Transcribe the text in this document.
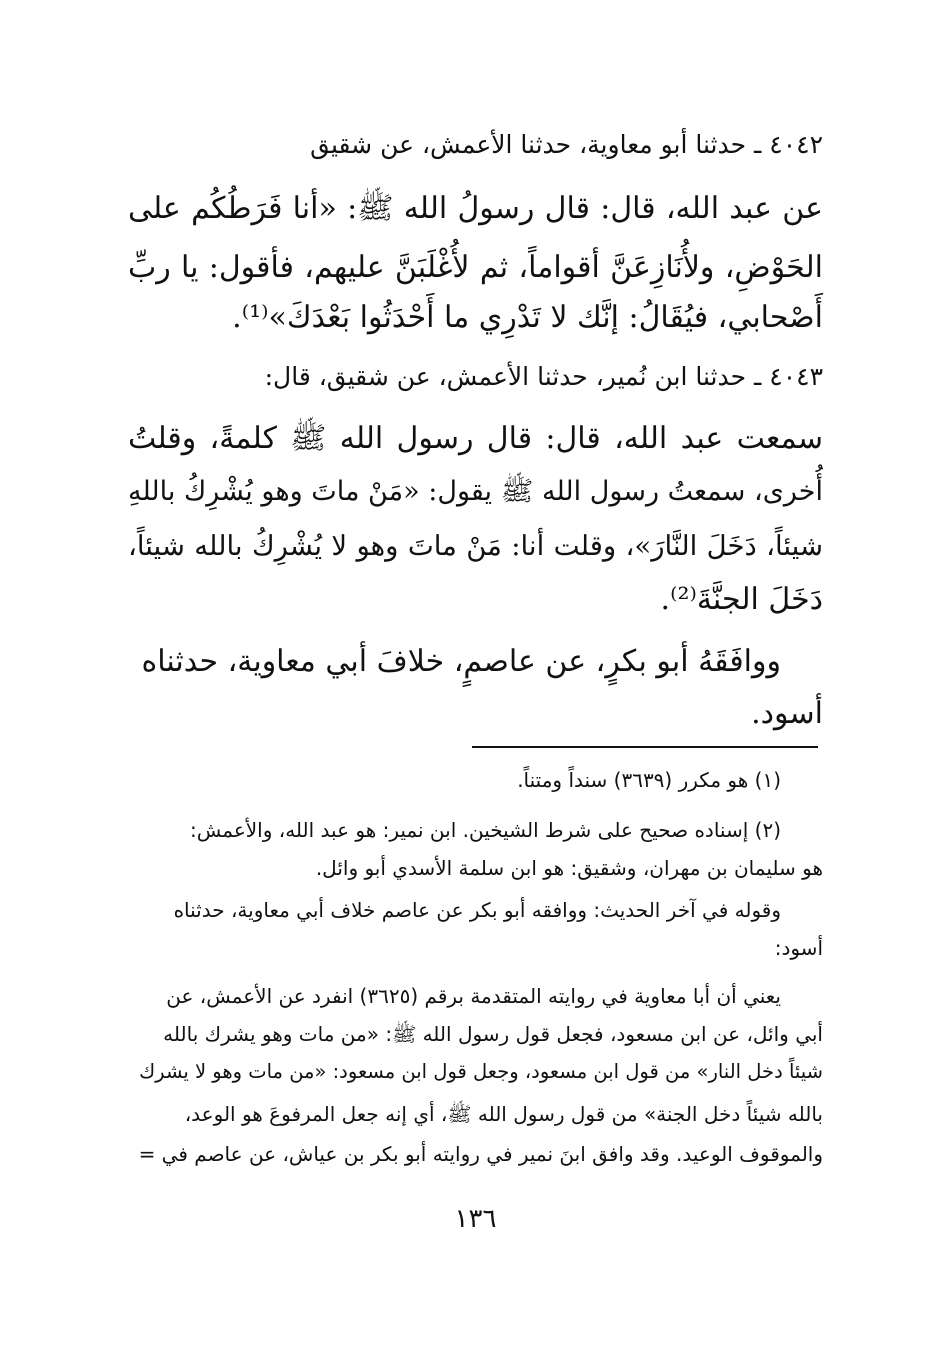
٤٠٤٢ ـ حدثنا أبو معاوية، حدثنا الأعمش، عن شقيق
عن عبد الله، قال: قال رسولُ الله ﷺ: «أنا فَرَطُكُم على
الحَوْضِ، ولأُنَازِعَنَّ أقواماً، ثم لأُغْلَبَنَّ عليهم، فأقول: يا ربِّ
أَصْحابي، فيُقَالُ: إنَّك لا تَدْرِي ما أَحْدَثُوا بَعْدَكَ»⁽¹⁾.
٤٠٤٣ ـ حدثنا ابن نُمير، حدثنا الأعمش، عن شقيق، قال:
سمعت عبد الله، قال: قال رسول الله ﷺ كلمةً، وقلتُ
أُخرى، سمعتُ رسول الله ﷺ يقول: «مَنْ ماتَ وهو يُشْرِكُ باللهِ
شيئاً، دَخَلَ النَّارَ»، وقلت أنا: مَنْ ماتَ وهو لا يُشْرِكُ بالله شيئاً،
دَخَلَ الجنَّةَ⁽²⁾.
ووافَقَهُ أبو بكرٍ، عن عاصمٍ، خلافَ أبي معاوية، حدثناه
أسود.
(١) هو مكرر (٣٦٣٩) سنداً ومتناً.
(٢) إسناده صحيح على شرط الشيخين. ابن نمير: هو عبد الله، والأعمش:
هو سليمان بن مهران، وشقيق: هو ابن سلمة الأسدي أبو وائل.
وقوله في آخر الحديث: ووافقه أبو بكر عن عاصم خلاف أبي معاوية، حدثناه
أسود:
يعني أن أبا معاوية في روايته المتقدمة برقم (٣٦٢٥) انفرد عن الأعمش، عن
أبي وائل، عن ابن مسعود، فجعل قول رسول الله ﷺ: «من مات وهو يشرك بالله
شيئاً دخل النار» من قول ابن مسعود، وجعل قول ابن مسعود: «من مات وهو لا يشرك
بالله شيئاً دخل الجنة» من قول رسول الله ﷺ، أي إنه جعل المرفوعَ هو الوعد،
والموقوف الوعيد. وقد وافق ابنَ نمير في روايته أبو بكر بن عياش، عن عاصم في =
١٣٦
